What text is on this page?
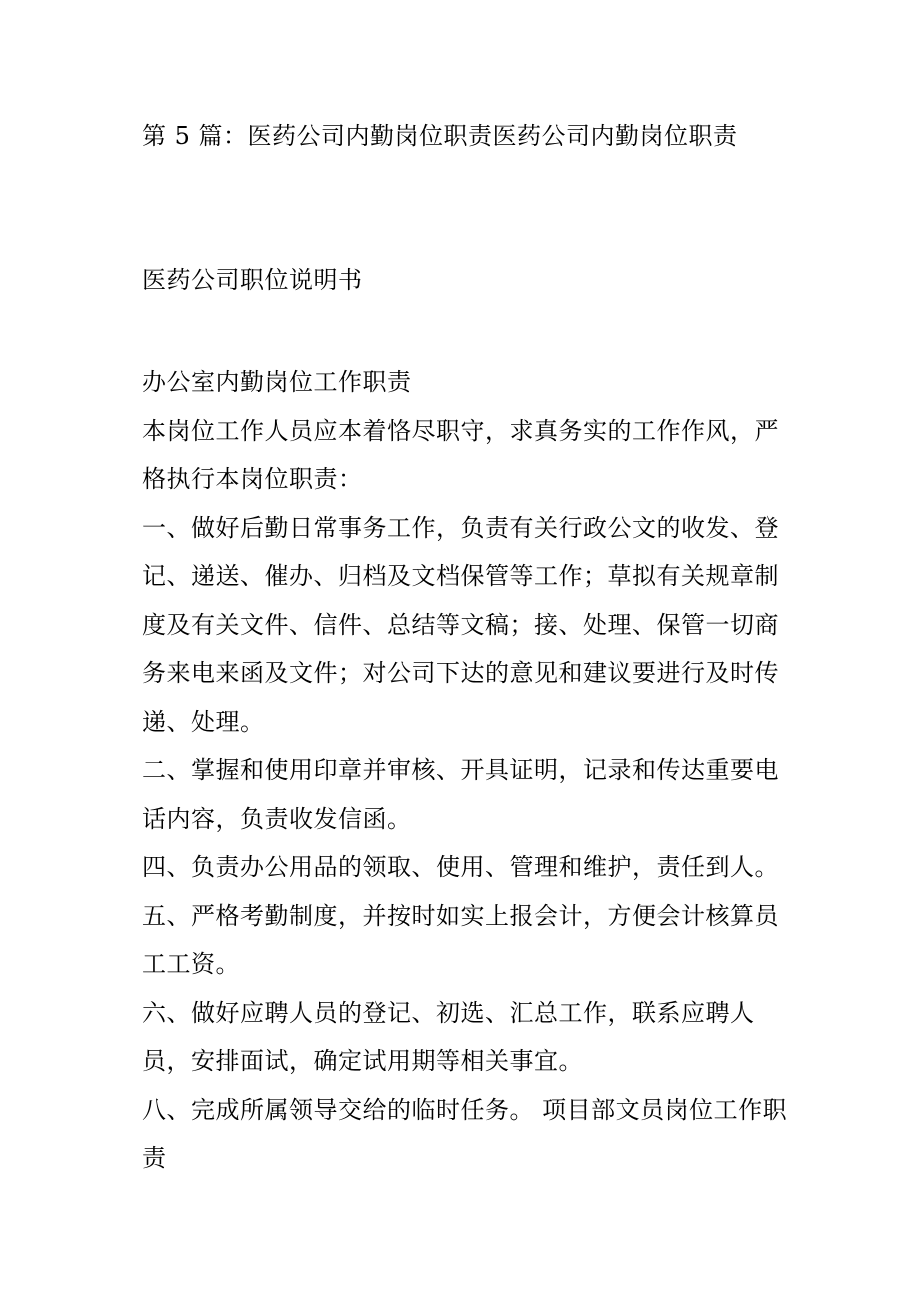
第 5 篇：医药公司内勤岗位职责医药公司内勤岗位职责
医药公司职位说明书

办公室内勤岗位工作职责

本岗位工作人员应本着恪尽职守，求真务实的工作作风，严格执行本岗位职责：

一、做好后勤日常事务工作，负责有关行政公文的收发、登记、递送、催办、归档及文档保管等工作；草拟有关规章制度及有关文件、信件、总结等文稿；接、处理、保管一切商务来电来函及文件；对公司下达的意见和建议要进行及时传递、处理。

二、掌握和使用印章并审核、开具证明，记录和传达重要电话内容，负责收发信函。

四、负责办公用品的领取、使用、管理和维护，责任到人。

五、严格考勤制度，并按时如实上报会计，方便会计核算员工工资。

六、做好应聘人员的登记、初选、汇总工作，联系应聘人员，安排面试，确定试用期等相关事宜。

八、完成所属领导交给的临时任务。 项目部文员岗位工作职责
